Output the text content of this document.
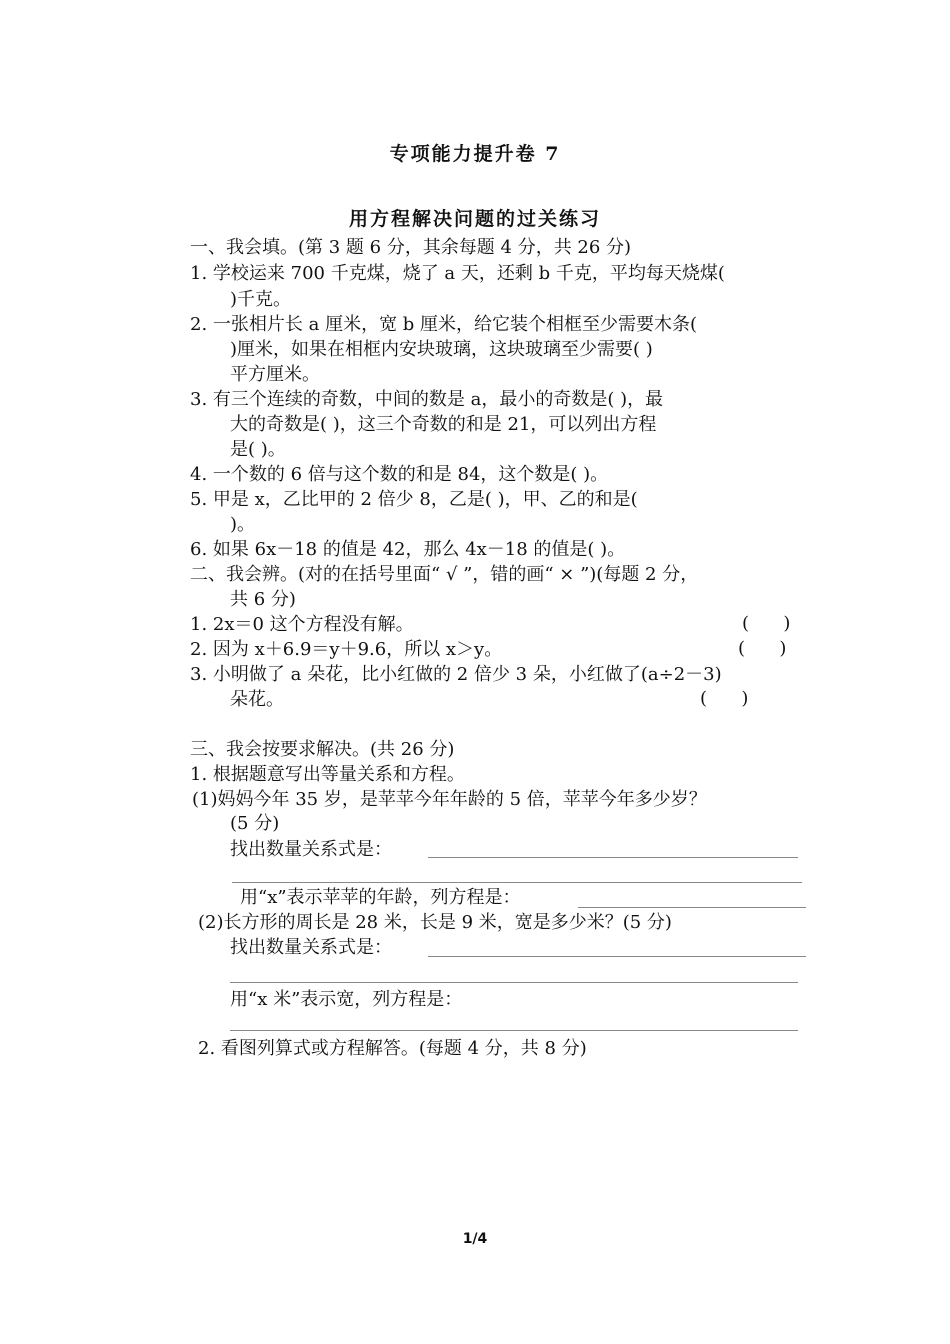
专项能力提升卷 7
用方程解决问题的过关练习
一、我会填。(第 3 题 6 分，其余每题 4 分，共 26 分)
1. 学校运来 700 千克煤，烧了 a 天，还剩 b 千克，平均每天烧煤(
)千克。
2. 一张相片长 a 厘米，宽 b 厘米，给它装个相框至少需要木条(
)厘米，如果在相框内安块玻璃，这块玻璃至少需要( )
平方厘米。
3. 有三个连续的奇数，中间的数是 a，最小的奇数是( )，最
大的奇数是( )，这三个奇数的和是 21，可以列出方程
是( )。
4. 一个数的 6 倍与这个数的和是 84，这个数是( )。
5. 甲是 x，乙比甲的 2 倍少 8，乙是( )，甲、乙的和是(
)。
6. 如果 6x－18 的值是 42，那么 4x－18 的值是( )。
二、我会辨。(对的在括号里面“ √ ”，错的画“ × ”)(每题 2 分，
共 6 分)
1. 2x＝0 这个方程没有解。	(      )
2. 因为 x＋6.9＝y＋9.6，所以 x＞y。	(      )
3. 小明做了 a 朵花，比小红做的 2 倍少 3 朵，小红做了(a÷2－3)
朵花。	(      )
三、我会按要求解决。(共 26 分)
1. 根据题意写出等量关系和方程。
(1)妈妈今年 35 岁，是苹苹今年年龄的 5 倍，苹苹今年多少岁？
(5 分)
找出数量关系式是：
用“x”表示苹苹的年龄，列方程是：
(2)长方形的周长是 28 米，长是 9 米，宽是多少米？(5 分)
找出数量关系式是：
用“x 米”表示宽，列方程是：
2. 看图列算式或方程解答。(每题 4 分，共 8 分)
1/4
